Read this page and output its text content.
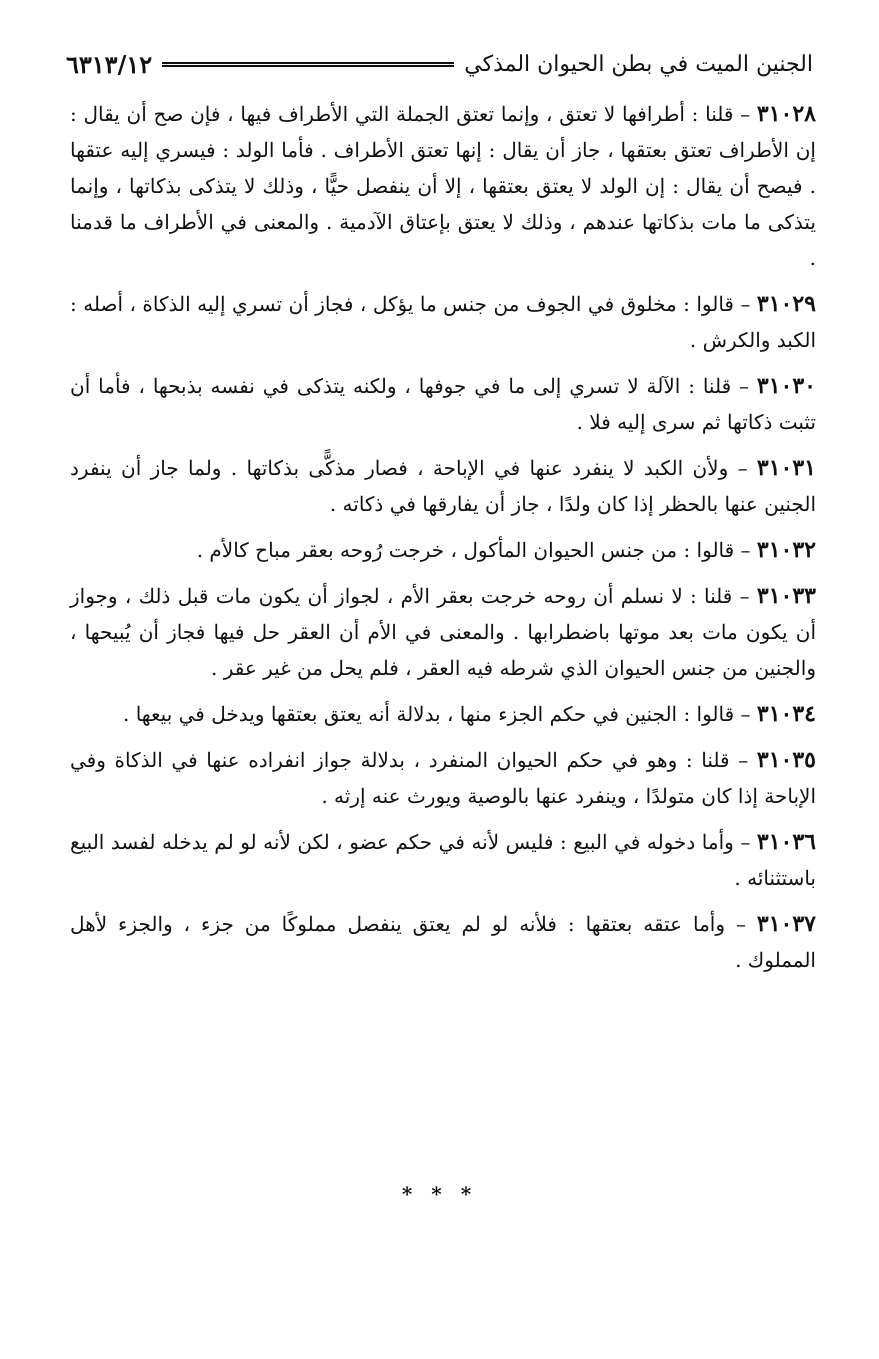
الجنين الميت في بطن الحيوان المذكي
٦٣١٣/١٢

٣١٠٢٨ – قلنا : أطرافها لا تعتق ، وإنما تعتق الجملة التي الأطراف فيها ، فإن صح أن يقال : إن الأطراف تعتق بعتقها ، جاز أن يقال : إنها تعتق الأطراف . فأما الولد : فيسري إليه عتقها . فيصح أن يقال : إن الولد لا يعتق بعتقها ، إلا أن ينفصل حيًّا ، وذلك لا يتذكى بذكاتها ، وإنما يتذكى ما مات بذكاتها عندهم ، وذلك لا يعتق بإعتاق الآدمية . والمعنى في الأطراف ما قدمنا .

٣١٠٢٩ – قالوا : مخلوق في الجوف من جنس ما يؤكل ، فجاز أن تسري إليه الذكاة ، أصله : الكبد والكرش .

٣١٠٣٠ – قلنا : الآلة لا تسري إلى ما في جوفها ، ولكنه يتذكى في نفسه بذبحها ، فأما أن تثبت ذكاتها ثم سرى إليه فلا .

٣١٠٣١ – ولأن الكبد لا ينفرد عنها في الإباحة ، فصار مذكًّى بذكاتها . ولما جاز أن ينفرد الجنين عنها بالحظر إذا كان ولدًا ، جاز أن يفارقها في ذكاته .

٣١٠٣٢ – قالوا : من جنس الحيوان المأكول ، خرجت رُوحه بعقر مباح كالأم .

٣١٠٣٣ – قلنا : لا نسلم أن روحه خرجت بعقر الأم ، لجواز أن يكون مات قبل ذلك ، وجواز أن يكون مات بعد موتها باضطرابها . والمعنى في الأم أن العقر حل فيها فجاز أن يُبيحها ، والجنين من جنس الحيوان الذي شرطه فيه العقر ، فلم يحل من غير عقر .

٣١٠٣٤ – قالوا : الجنين في حكم الجزء منها ، بدلالة أنه يعتق بعتقها ويدخل في بيعها .

٣١٠٣٥ – قلنا : وهو في حكم الحيوان المنفرد ، بدلالة جواز انفراده عنها في الذكاة وفي الإباحة إذا كان متولدًا ، وينفرد عنها بالوصية ويورث عنه إرثه .

٣١٠٣٦ – وأما دخوله في البيع : فليس لأنه في حكم عضو ، لكن لأنه لو لم يدخله لفسد البيع باستثنائه .

٣١٠٣٧ – وأما عتقه بعتقها : فلأنه لو لم يعتق ينفصل مملوكًا من جزء ، والجزء لأهل المملوك .

* * *
